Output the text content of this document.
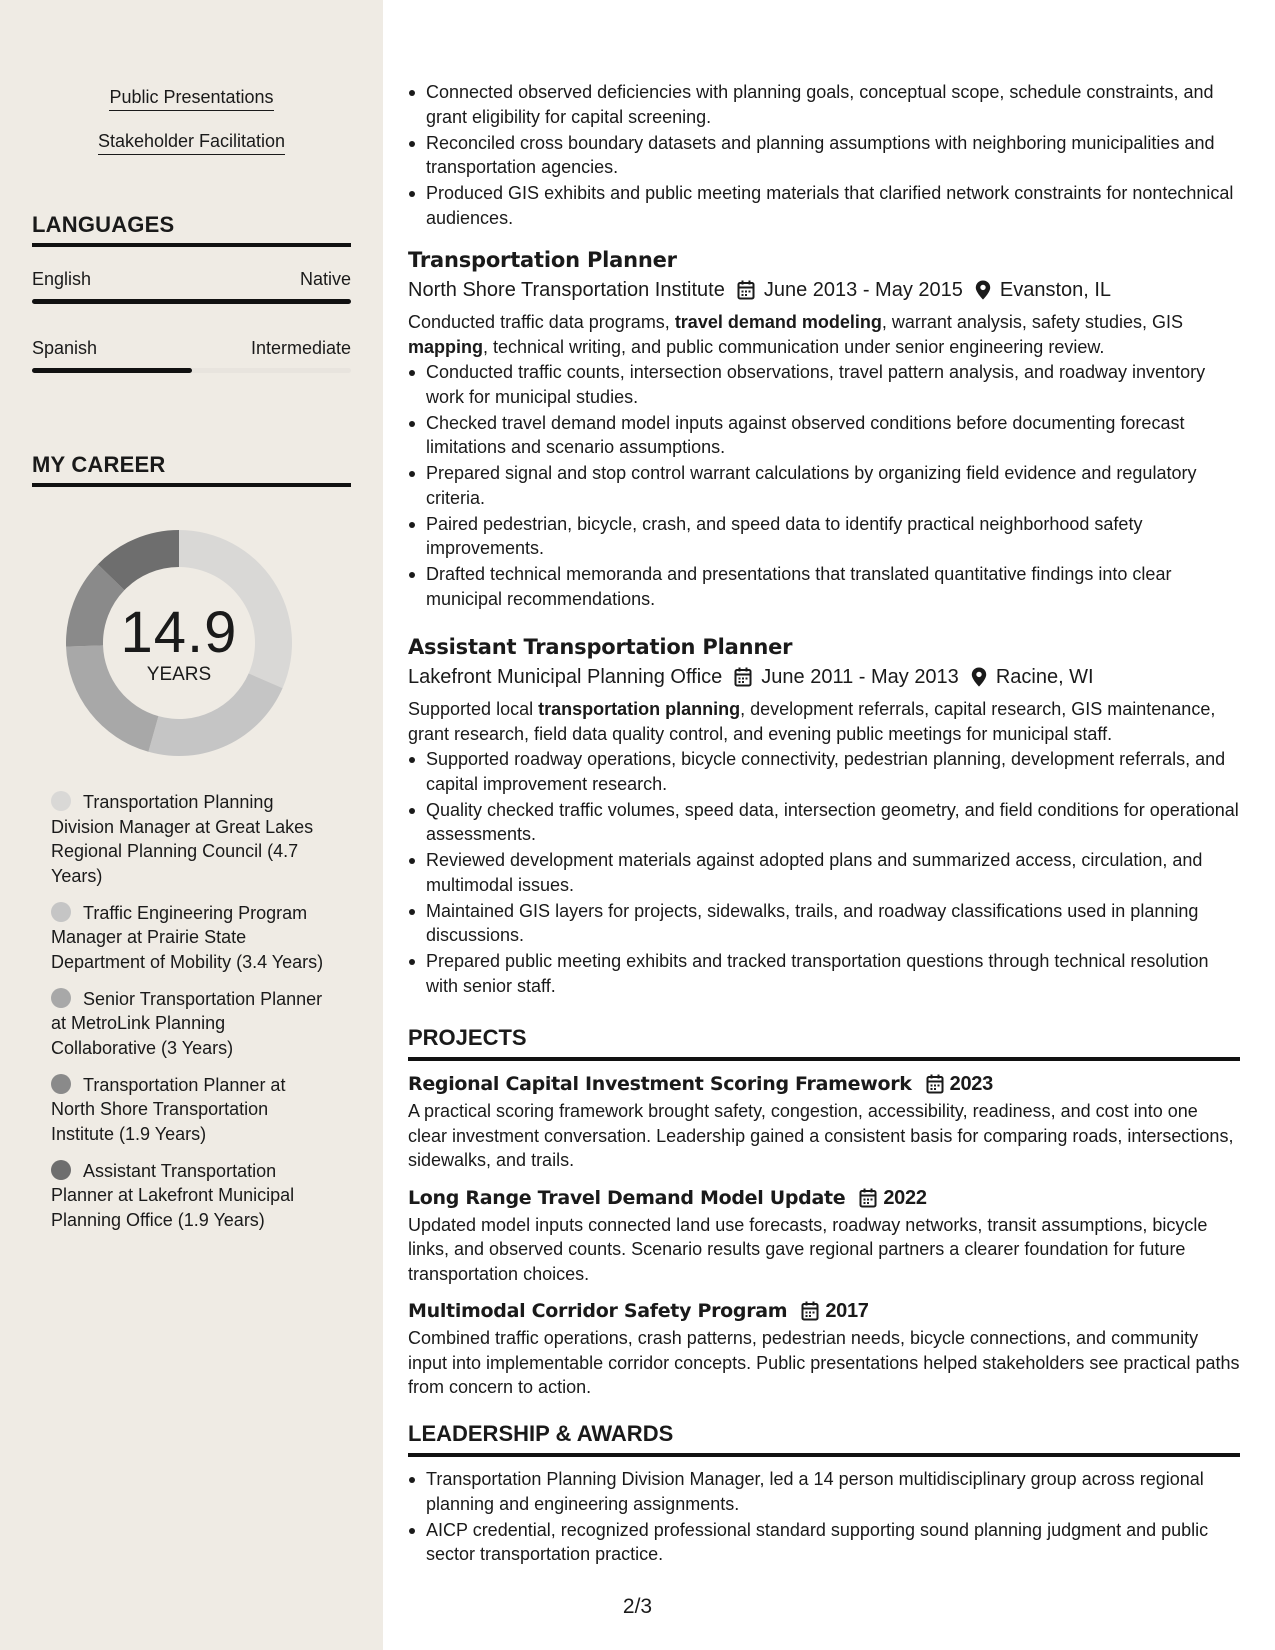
Public Presentations
Stakeholder Facilitation
LANGUAGES
English	Native
Spanish	Intermediate
MY CAREER
14.9
YEARS
Transportation Planning Division Manager at Great Lakes Regional Planning Council (4.7 Years)
Traffic Engineering Program Manager at Prairie State Department of Mobility (3.4 Years)
Senior Transportation Planner at MetroLink Planning Collaborative (3 Years)
Transportation Planner at North Shore Transportation Institute (1.9 Years)
Assistant Transportation Planner at Lakefront Municipal Planning Office (1.9 Years)
Connected observed deficiencies with planning goals, conceptual scope, schedule constraints, and grant eligibility for capital screening.
Reconciled cross boundary datasets and planning assumptions with neighboring municipalities and transportation agencies.
Produced GIS exhibits and public meeting materials that clarified network constraints for nontechnical audiences.
Transportation Planner
North Shore Transportation Institute June 2013 - May 2015 Evanston, IL

Conducted traffic data programs, travel demand modeling, warrant analysis, safety studies, GIS mapping, technical writing, and public communication under senior engineering review.

Conducted traffic counts, intersection observations, travel pattern analysis, and roadway inventory work for municipal studies.
Checked travel demand model inputs against observed conditions before documenting forecast limitations and scenario assumptions.
Prepared signal and stop control warrant calculations by organizing field evidence and regulatory criteria.
Paired pedestrian, bicycle, crash, and speed data to identify practical neighborhood safety improvements.
Drafted technical memoranda and presentations that translated quantitative findings into clear municipal recommendations.
Assistant Transportation Planner
Lakefront Municipal Planning Office June 2011 - May 2013 Racine, WI

Supported local transportation planning, development referrals, capital research, GIS maintenance, grant research, field data quality control, and evening public meetings for municipal staff.

Supported roadway operations, bicycle connectivity, pedestrian planning, development referrals, and capital improvement research.
Quality checked traffic volumes, speed data, intersection geometry, and field conditions for operational assessments.
Reviewed development materials against adopted plans and summarized access, circulation, and multimodal issues.
Maintained GIS layers for projects, sidewalks, trails, and roadway classifications used in planning discussions.
Prepared public meeting exhibits and tracked transportation questions through technical resolution with senior staff.
PROJECTS
Regional Capital Investment Scoring Framework 2023

A practical scoring framework brought safety, congestion, accessibility, readiness, and cost into one clear investment conversation. Leadership gained a consistent basis for comparing roads, intersections, sidewalks, and trails.

Long Range Travel Demand Model Update 2022

Updated model inputs connected land use forecasts, roadway networks, transit assumptions, bicycle links, and observed counts. Scenario results gave regional partners a clearer foundation for future transportation choices.

Multimodal Corridor Safety Program 2017

Combined traffic operations, crash patterns, pedestrian needs, bicycle connections, and community input into implementable corridor concepts. Public presentations helped stakeholders see practical paths from concern to action.

LEADERSHIP & AWARDS
Transportation Planning Division Manager, led a 14 person multidisciplinary group across regional planning and engineering assignments.
AICP credential, recognized professional standard supporting sound planning judgment and public sector transportation practice.
2/3
